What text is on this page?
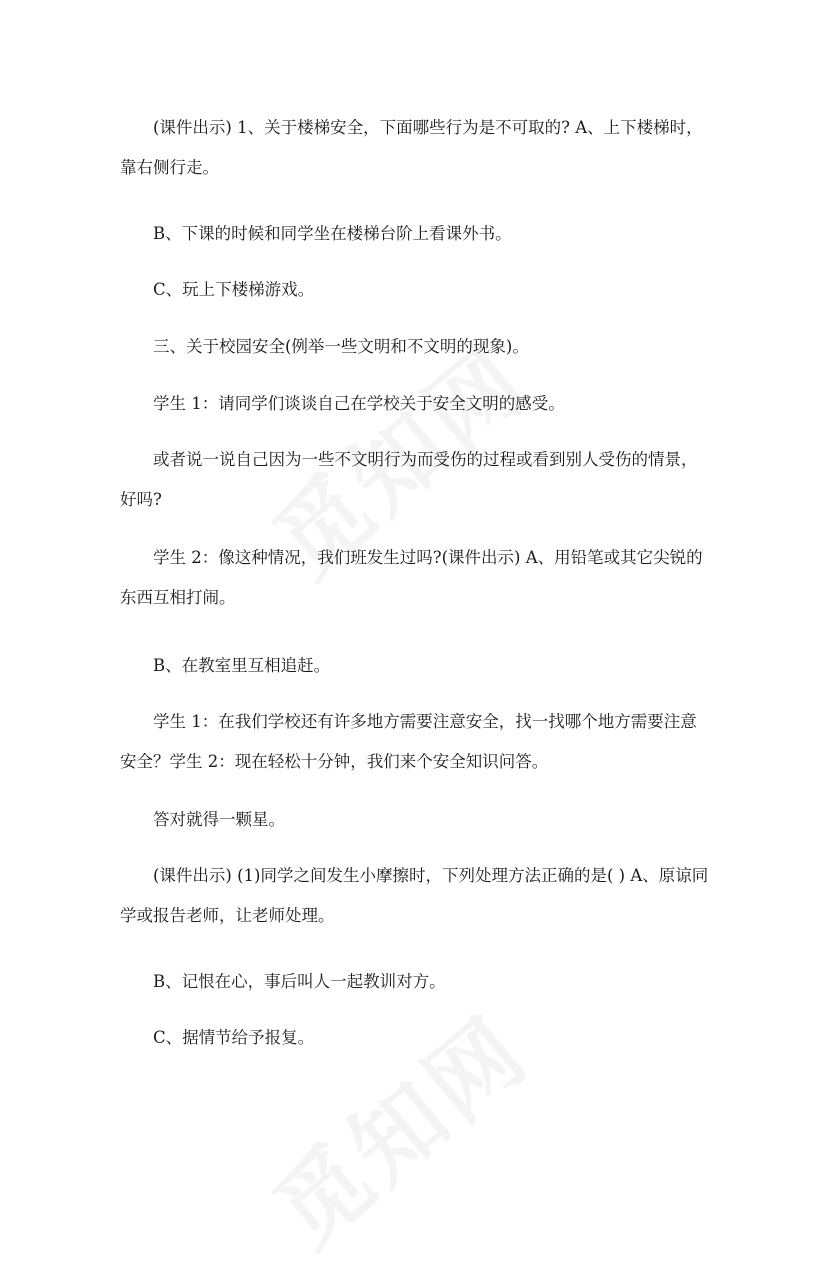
(课件出示) 1、关于楼梯安全，下面哪些行为是不可取的? A、上下楼梯时，靠右侧行走。

B、下课的时候和同学坐在楼梯台阶上看课外书。

C、玩上下楼梯游戏。

三、关于校园安全(例举一些文明和不文明的现象)。

学生 1：请同学们谈谈自己在学校关于安全文明的感受。

或者说一说自己因为一些不文明行为而受伤的过程或看到别人受伤的情景，好吗?

学生 2：像这种情况，我们班发生过吗?(课件出示) A、用铅笔或其它尖锐的东西互相打闹。

B、在教室里互相追赶。

学生 1：在我们学校还有许多地方需要注意安全，找一找哪个地方需要注意安全？学生 2：现在轻松十分钟，我们来个安全知识问答。

答对就得一颗星。

(课件出示) (1)同学之间发生小摩擦时，下列处理方法正确的是( ) A、原谅同学或报告老师，让老师处理。

B、记恨在心，事后叫人一起教训对方。

C、据情节给予报复。
